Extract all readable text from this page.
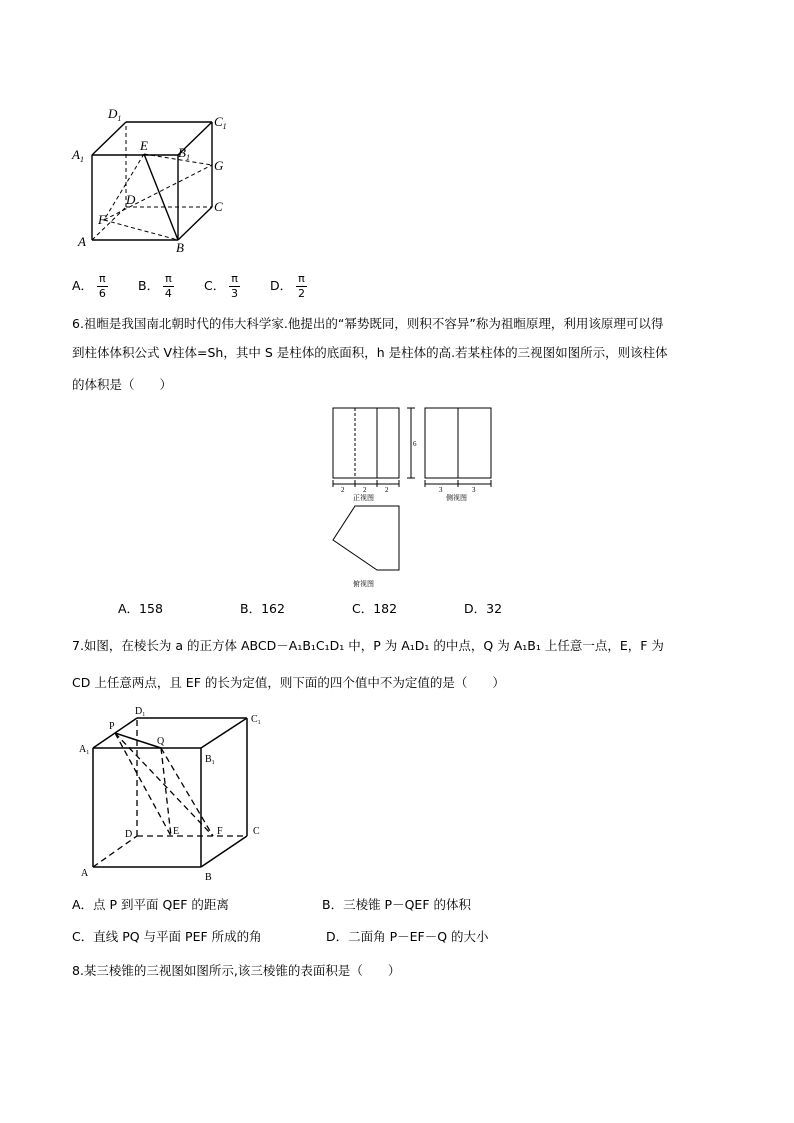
$D_1$	$C_1$
$A_1$
E $B_1$
G
D	C
F
A	B
A． $\frac{\pi}{6}$ B． $\frac{\pi}{4}$ C． $\frac{\pi}{3}$ D． $\frac{\pi}{2}$
6.祖暅是我国南北朝时代的伟大科学家.他提出的“幂势既同，则积不容异”称为祖暅原理，利用该原理可以得
到柱体体积公式 V柱体=Sh，其中 S 是柱体的底面积，h 是柱体的高.若某柱体的三视图如图所示，则该柱体
的体积是（　　）
6
2	2	2	3	3
正视图	侧视图
俯视图
A．158	B．162	C．182	D．32
7.如图，在棱长为 a 的正方体 ABCD－A₁B₁C₁D₁ 中，P 为 A₁D₁ 的中点，Q 为 A₁B₁ 上任意一点，E，F 为
CD 上任意两点，且 EF 的长为定值，则下面的四个值中不为定值的是（　　）
P
$D_1$
Q
$C_1$
$A_1$
$B_1$
D	E	F	C
A	B
A．点 P 到平面 QEF 的距离	B．三棱锥 P－QEF 的体积
C．直线 PQ 与平面 PEF 所成的角	D．二面角 P－EF－Q 的大小
8.某三棱锥的三视图如图所示,该三棱锥的表面积是（　　）
